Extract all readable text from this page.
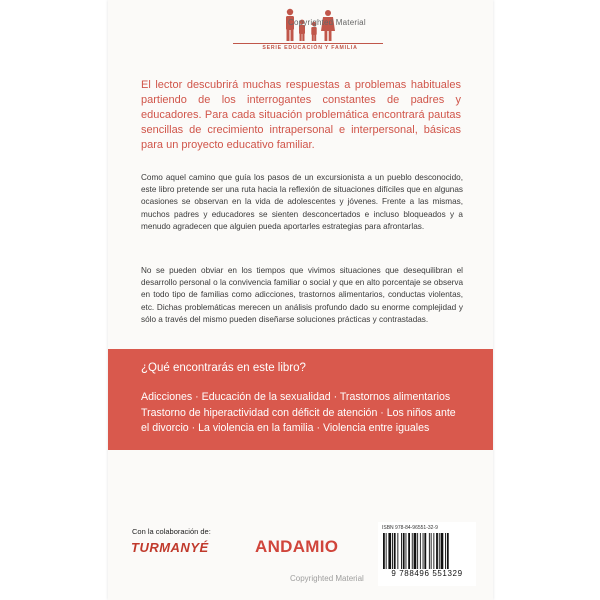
Copyrighted Material
SERIE EDUCACIÓN Y FAMILIA
El lector descubrirá muchas respuestas a problemas habituales partiendo de los interrogantes constantes de padres y educadores. Para cada situación problemática encontrará pautas sencillas de crecimiento intrapersonal e interpersonal, básicas para un proyecto educativo familiar.
Como aquel camino que guía los pasos de un excursionista a un pueblo desconocido, este libro pretende ser una ruta hacia la reflexión de situaciones difíciles que en algunas ocasiones se observan en la vida de adolescentes y jóvenes. Frente a las mismas, muchos padres y educadores se sienten desconcertados e incluso bloqueados y a menudo agradecen que alguien pueda aportarles estrategias para afrontarlas.
No se pueden obviar en los tiempos que vivimos situaciones que desequilibran el desarrollo personal o la convivencia familiar o social y que en alto porcentaje se observa en todo tipo de familias como adicciones, trastornos alimentarios, conductas violentas, etc. Dichas problemáticas merecen un análisis profundo dado su enorme complejidad y sólo a través del mismo pueden diseñarse soluciones prácticas y contrastadas.
¿Qué encontrarás en este libro?
Adicciones · Educación de la sexualidad · Trastornos alimentarios Trastorno de hiperactividad con déficit de atención · Los niños ante el divorcio · La violencia en la familia · Violencia entre iguales
Con la colaboración de:
TURMANYÉ	ANDAMIO
ISBN 978-84-96551-32-9
9 788496 551329
Copyrighted Material
